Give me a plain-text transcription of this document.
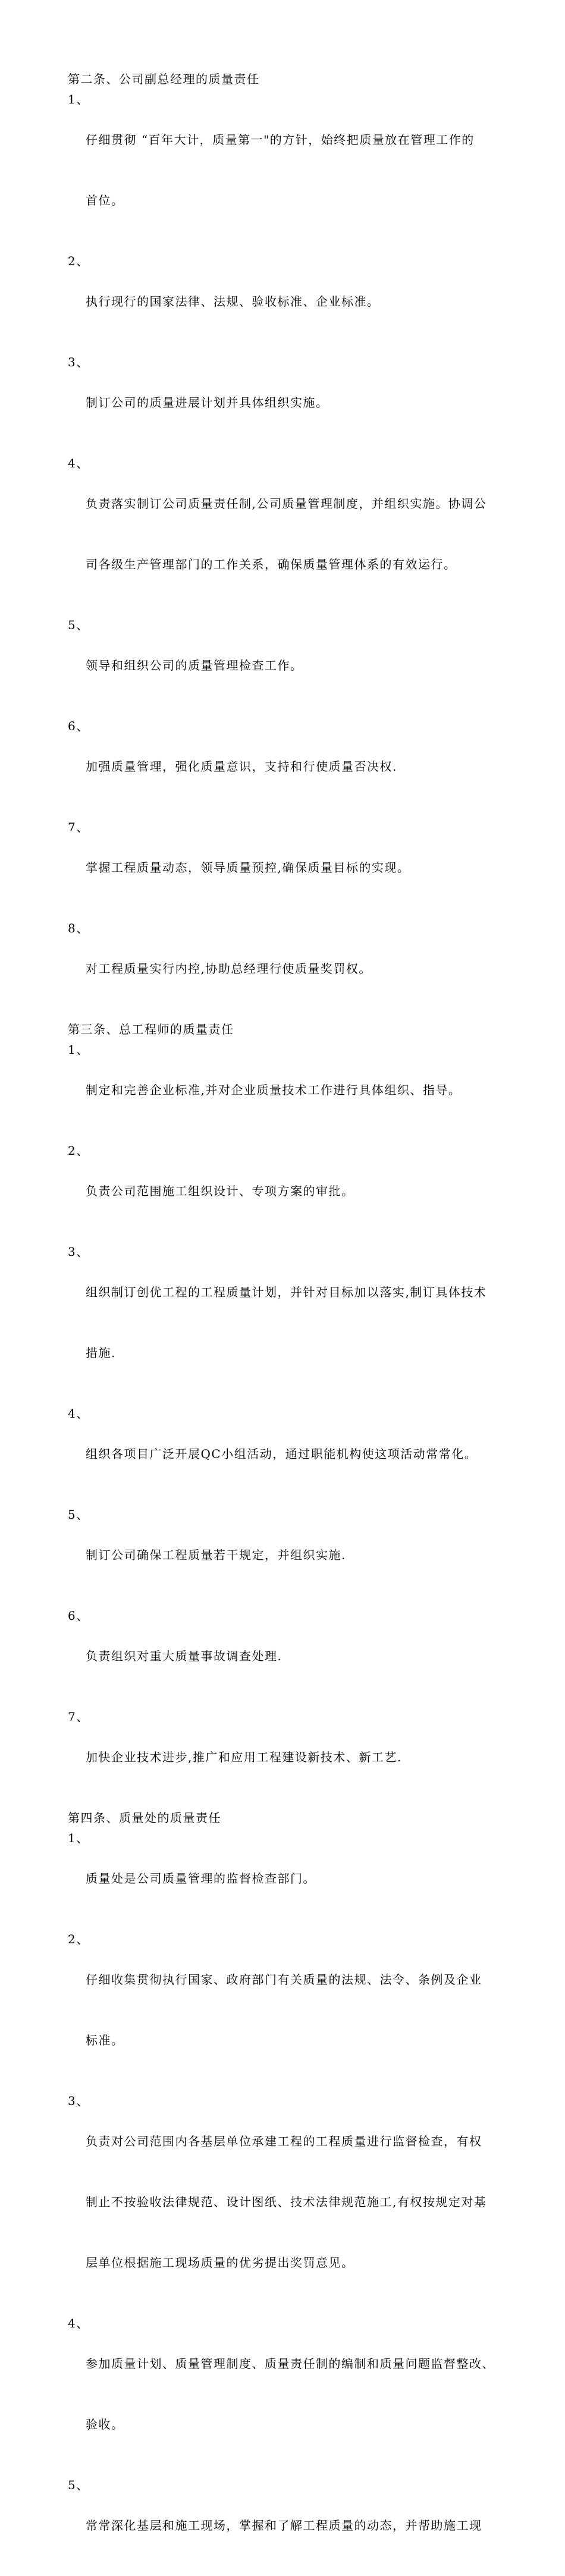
第二条、公司副总经理的质量责任
1、

仔细贯彻 “百年大计，质量第一"的方针，始终把质量放在管理工作的

首位。

2、

执行现行的国家法律、法规、验收标准、企业标准。

3、

制订公司的质量进展计划并具体组织实施。

4、

负责落实制订公司质量责任制,公司质量管理制度，并组织实施。协调公

司各级生产管理部门的工作关系，确保质量管理体系的有效运行。

5、

领导和组织公司的质量管理检查工作。

6、

加强质量管理，强化质量意识，支持和行使质量否决权.

7、

掌握工程质量动态，领导质量预控,确保质量目标的实现。

8、

对工程质量实行内控,协助总经理行使质量奖罚权。

第三条、总工程师的质量责任
1、

制定和完善企业标准,并对企业质量技术工作进行具体组织、指导。

2、

负责公司范围施工组织设计、专项方案的审批。

3、

组织制订创优工程的工程质量计划，并针对目标加以落实,制订具体技术

措施.

4、

组织各项目广泛开展QC小组活动，通过职能机构使这项活动常常化。

5、

制订公司确保工程质量若干规定，并组织实施.

6、

负责组织对重大质量事故调查处理.

7、

加快企业技术进步,推广和应用工程建设新技术、新工艺.

第四条、质量处的质量责任
1、

质量处是公司质量管理的监督检查部门。

2、

仔细收集贯彻执行国家、政府部门有关质量的法规、法令、条例及企业

标准。

3、

负责对公司范围内各基层单位承建工程的工程质量进行监督检查，有权

制止不按验收法律规范、设计图纸、技术法律规范施工,有权按规定对基

层单位根据施工现场质量的优劣提出奖罚意见。

4、

参加质量计划、质量管理制度、质量责任制的编制和质量问题监督整改、

验收。

5、

常常深化基层和施工现场，掌握和了解工程质量的动态，并帮助施工现
